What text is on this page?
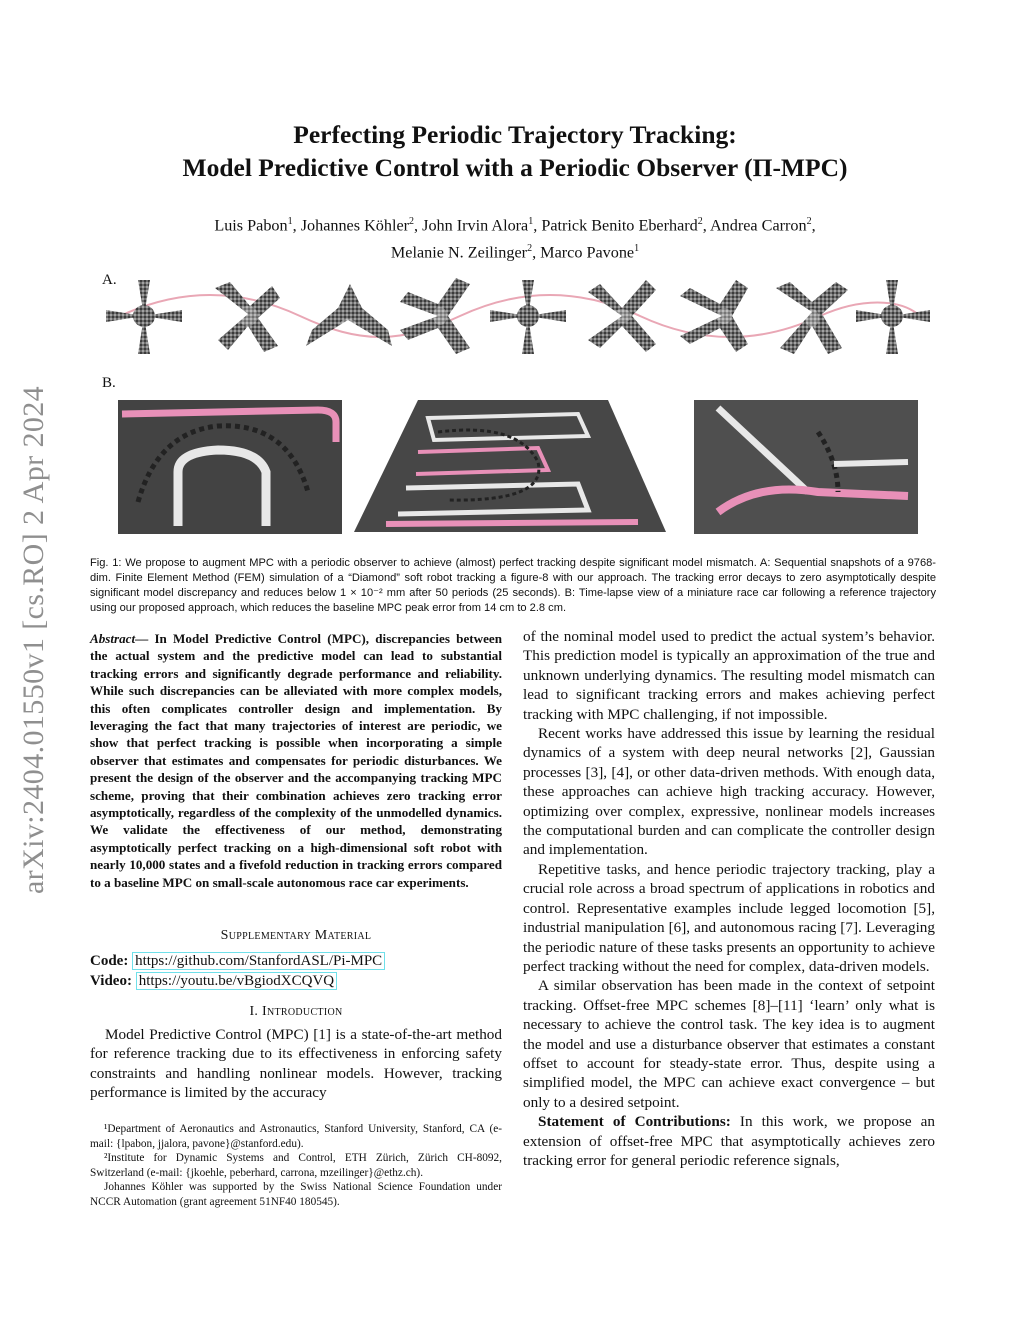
arXiv:2404.01550v1 [cs.RO] 2 Apr 2024
Perfecting Periodic Trajectory Tracking:
Model Predictive Control with a Periodic Observer (Π-MPC)
Luis Pabon$^1$, Johannes Köhler$^2$, John Irvin Alora$^1$, Patrick Benito Eberhard$^2$, Andrea Carron$^2$,
Melanie N. Zeilinger$^2$, Marco Pavone$^1$
A.
B.
Fig. 1: We propose to augment MPC with a periodic observer to achieve (almost) perfect tracking despite significant model mismatch. A: Sequential snapshots of a 9768-dim. Finite Element Method (FEM) simulation of a “Diamond” soft robot tracking a figure-8 with our approach. The tracking error decays to zero asymptotically despite significant model discrepancy and reduces below 1 × 10⁻² mm after 50 periods (25 seconds). B: Time-lapse view of a miniature race car following a reference trajectory using our proposed approach, which reduces the baseline MPC peak error from 14 cm to 2.8 cm.
Abstract— In Model Predictive Control (MPC), discrepancies between the actual system and the predictive model can lead to substantial tracking errors and significantly degrade performance and reliability. While such discrepancies can be alleviated with more complex models, this often complicates controller design and implementation. By leveraging the fact that many trajectories of interest are periodic, we show that perfect tracking is possible when incorporating a simple observer that estimates and compensates for periodic disturbances. We present the design of the observer and the accompanying tracking MPC scheme, proving that their combination achieves zero tracking error asymptotically, regardless of the complexity of the unmodelled dynamics. We validate the effectiveness of our method, demonstrating asymptotically perfect tracking on a high-dimensional soft robot with nearly 10,000 states and a fivefold reduction in tracking errors compared to a baseline MPC on small-scale autonomous race car experiments.
Supplementary Material
Code: https://github.com/StanfordASL/Pi-MPC
Video: https://youtu.be/vBgiodXCQVQ
I. Introduction

Model Predictive Control (MPC) [1] is a state-of-the-art method for reference tracking due to its effectiveness in enforcing safety constraints and handling nonlinear models. However, tracking performance is limited by the accuracy

¹Department of Aeronautics and Astronautics, Stanford University, Stanford, CA (e-mail: {lpabon, jjalora, pavone}@stanford.edu).

²Institute for Dynamic Systems and Control, ETH Zürich, Zürich CH-8092, Switzerland (e-mail: {jkoehle, peberhard, carrona, mzeilinger}@ethz.ch).

Johannes Köhler was supported by the Swiss National Science Foundation under NCCR Automation (grant agreement 51NF40 180545).

of the nominal model used to predict the actual system’s behavior. This prediction model is typically an approximation of the true and unknown underlying dynamics. The resulting model mismatch can lead to significant tracking errors and makes achieving perfect tracking with MPC challenging, if not impossible.

Recent works have addressed this issue by learning the residual dynamics of a system with deep neural networks [2], Gaussian processes [3], [4], or other data-driven methods. With enough data, these approaches can achieve high tracking accuracy. However, optimizing over complex, expressive, nonlinear models increases the computational burden and can complicate the controller design and implementation.

Repetitive tasks, and hence periodic trajectory tracking, play a crucial role across a broad spectrum of applications in robotics and control. Representative examples include legged locomotion [5], industrial manipulation [6], and autonomous racing [7]. Leveraging the periodic nature of these tasks presents an opportunity to achieve perfect tracking without the need for complex, data-driven models.

A similar observation has been made in the context of setpoint tracking. Offset-free MPC schemes [8]–[11] ‘learn’ only what is necessary to achieve the control task. The key idea is to augment the model and use a disturbance observer that estimates a constant offset to account for steady-state error. Thus, despite using a simplified model, the MPC can achieve exact convergence – but only to a desired setpoint.

Statement of Contributions: In this work, we propose an extension of offset-free MPC that asymptotically achieves zero tracking error for general periodic reference signals,
